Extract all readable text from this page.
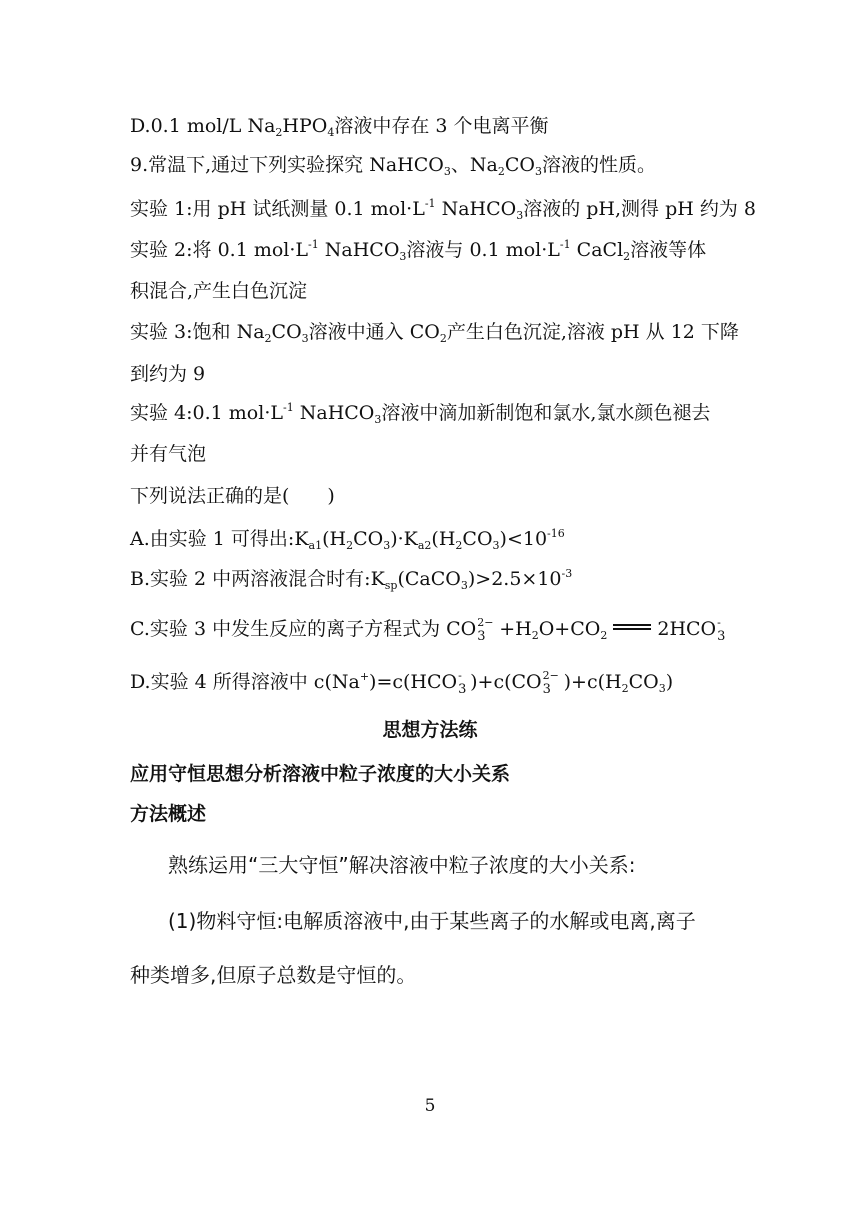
D.0.1 mol/L $Na_2HPO_4$溶液中存在 3 个电离平衡
9.常温下,通过下列实验探究 NaHCO$_3$、$Na_2CO_3$溶液的性质。
实验 1:用 pH 试纸测量 0.1 $mol\cdot L^{-1}$ NaHCO$_3$溶液的 pH,测得 pH 约为 8
实验 2:将 0.1 $mol\cdot L^{-1}$ NaHCO$_3$溶液与 0.1 $mol\cdot L^{-1}$ CaCl$_2$溶液等体
积混合,产生白色沉淀
实验 3:饱和 $Na_2CO_3$溶液中通入 $CO_2$产生白色沉淀,溶液 pH 从 12 下降
到约为 9
实验 4:0.1 $mol\cdot L^{-1}$ NaHCO$_3$溶液中滴加新制饱和氯水,氯水颜色褪去
并有气泡
下列说法正确的是(　　)
A.由实验 1 可得出$:K_{a1}(H_2CO_3)\cdot K_{a2}(H_2CO_3)<10^{-16}$
B.实验 2 中两溶液混合时有$:K_{sp}(CaCO_3)>2.5\times 10^{-3}$
C.实验 3 中发生反应的离子方程式为 CO 2−
$3 +H_2O+CO_2$	2HCO -
3
D.实验 4 所得溶液中 c(Na+)=c(HCO -
3 )+c(CO 2−
3 )$+c(H_2CO_3)$
思想方法练
应用守恒思想分析溶液中粒子浓度的大小关系
方法概述
熟练运用“三大守恒”解决溶液中粒子浓度的大小关系:
(1)物料守恒:电解质溶液中,由于某些离子的水解或电离,离子
种类增多,但原子总数是守恒的。
5
